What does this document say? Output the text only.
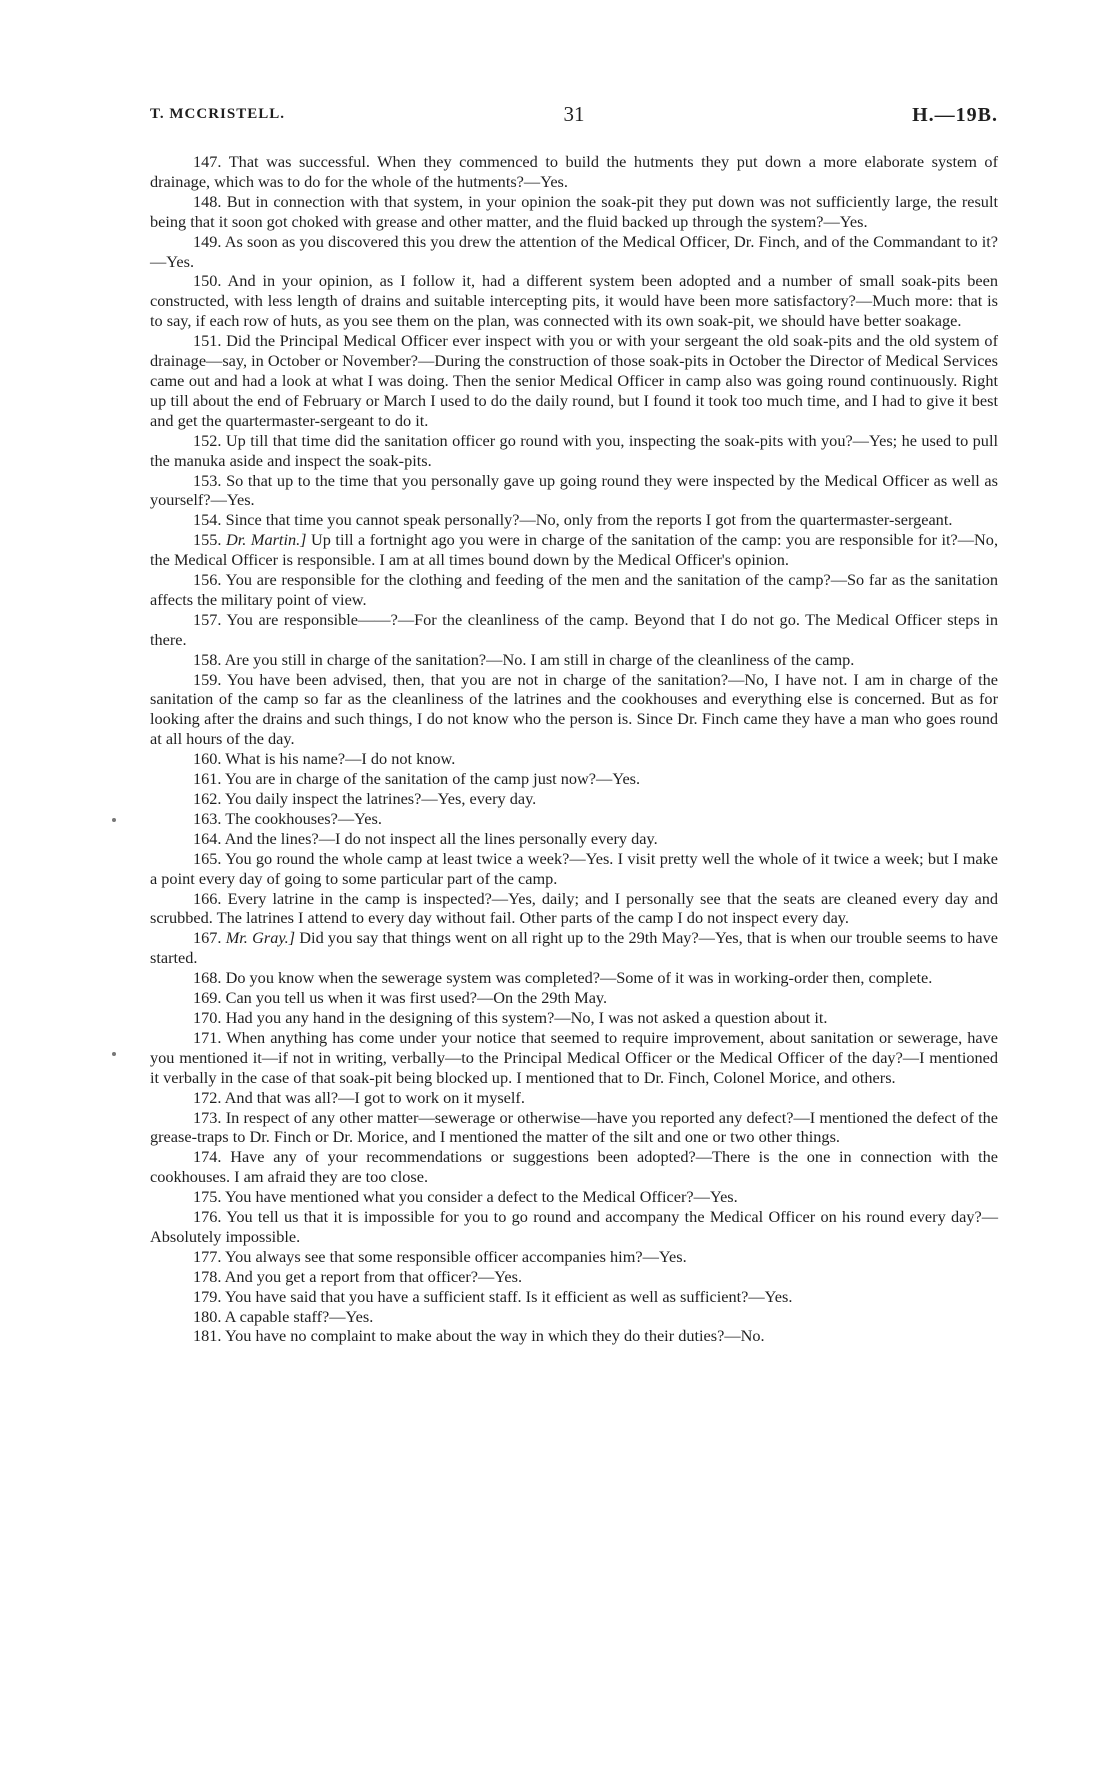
T. MCCRISTELL.	31	H.—19B.

147. That was successful. When they commenced to build the hutments they put down a more elaborate system of drainage, which was to do for the whole of the hutments?—Yes.

148. But in connection with that system, in your opinion the soak-pit they put down was not sufficiently large, the result being that it soon got choked with grease and other matter, and the fluid backed up through the system?—Yes.

149. As soon as you discovered this you drew the attention of the Medical Officer, Dr. Finch, and of the Commandant to it?—Yes.

150. And in your opinion, as I follow it, had a different system been adopted and a number of small soak-pits been constructed, with less length of drains and suitable intercepting pits, it would have been more satisfactory?—Much more: that is to say, if each row of huts, as you see them on the plan, was connected with its own soak-pit, we should have better soakage.

151. Did the Principal Medical Officer ever inspect with you or with your sergeant the old soak-pits and the old system of drainage—say, in October or November?—During the construction of those soak-pits in October the Director of Medical Services came out and had a look at what I was doing. Then the senior Medical Officer in camp also was going round continuously. Right up till about the end of February or March I used to do the daily round, but I found it took too much time, and I had to give it best and get the quartermaster-sergeant to do it.

152. Up till that time did the sanitation officer go round with you, inspecting the soak-pits with you?—Yes; he used to pull the manuka aside and inspect the soak-pits.

153. So that up to the time that you personally gave up going round they were inspected by the Medical Officer as well as yourself?—Yes.

154. Since that time you cannot speak personally?—No, only from the reports I got from the quartermaster-sergeant.

155. Dr. Martin.] Up till a fortnight ago you were in charge of the sanitation of the camp: you are responsible for it?—No, the Medical Officer is responsible. I am at all times bound down by the Medical Officer's opinion.

156. You are responsible for the clothing and feeding of the men and the sanitation of the camp?—So far as the sanitation affects the military point of view.

157. You are responsible——?—For the cleanliness of the camp. Beyond that I do not go. The Medical Officer steps in there.

158. Are you still in charge of the sanitation?—No. I am still in charge of the cleanliness of the camp.

159. You have been advised, then, that you are not in charge of the sanitation?—No, I have not. I am in charge of the sanitation of the camp so far as the cleanliness of the latrines and the cookhouses and everything else is concerned. But as for looking after the drains and such things, I do not know who the person is. Since Dr. Finch came they have a man who goes round at all hours of the day.

160. What is his name?—I do not know.

161. You are in charge of the sanitation of the camp just now?—Yes.

162. You daily inspect the latrines?—Yes, every day.

163. The cookhouses?—Yes.

164. And the lines?—I do not inspect all the lines personally every day.

165. You go round the whole camp at least twice a week?—Yes. I visit pretty well the whole of it twice a week; but I make a point every day of going to some particular part of the camp.

166. Every latrine in the camp is inspected?—Yes, daily; and I personally see that the seats are cleaned every day and scrubbed. The latrines I attend to every day without fail. Other parts of the camp I do not inspect every day.

167. Mr. Gray.] Did you say that things went on all right up to the 29th May?—Yes, that is when our trouble seems to have started.

168. Do you know when the sewerage system was completed?—Some of it was in working-order then, complete.

169. Can you tell us when it was first used?—On the 29th May.

170. Had you any hand in the designing of this system?—No, I was not asked a question about it.

171. When anything has come under your notice that seemed to require improvement, about sanitation or sewerage, have you mentioned it—if not in writing, verbally—to the Principal Medical Officer or the Medical Officer of the day?—I mentioned it verbally in the case of that soak-pit being blocked up. I mentioned that to Dr. Finch, Colonel Morice, and others.

172. And that was all?—I got to work on it myself.

173. In respect of any other matter—sewerage or otherwise—have you reported any defect?—I mentioned the defect of the grease-traps to Dr. Finch or Dr. Morice, and I mentioned the matter of the silt and one or two other things.

174. Have any of your recommendations or suggestions been adopted?—There is the one in connection with the cookhouses. I am afraid they are too close.

175. You have mentioned what you consider a defect to the Medical Officer?—Yes.

176. You tell us that it is impossible for you to go round and accompany the Medical Officer on his round every day?—Absolutely impossible.

177. You always see that some responsible officer accompanies him?—Yes.

178. And you get a report from that officer?—Yes.

179. You have said that you have a sufficient staff. Is it efficient as well as sufficient?—Yes.

180. A capable staff?—Yes.

181. You have no complaint to make about the way in which they do their duties?—No.
